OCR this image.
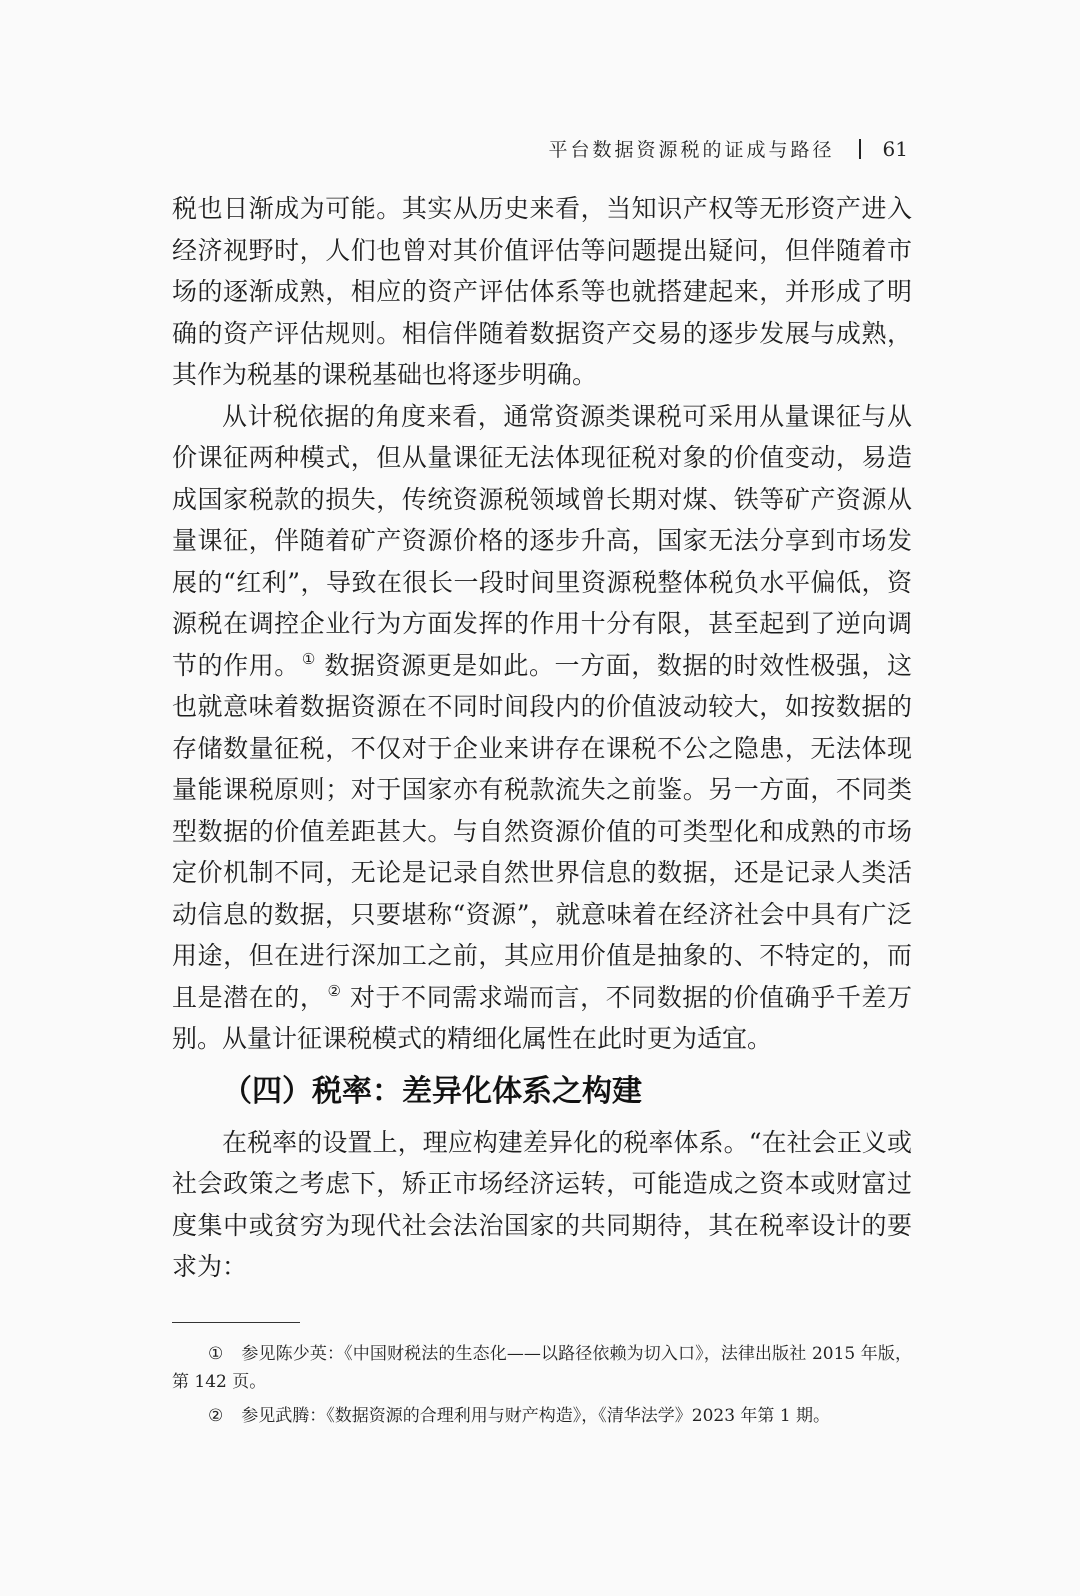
平台数据资源税的证成与路径 61

税也日渐成为可能。其实从历史来看，当知识产权等无形资产进入经济视野时，人们也曾对其价值评估等问题提出疑问，但伴随着市场的逐渐成熟，相应的资产评估体系等也就搭建起来，并形成了明确的资产评估规则。相信伴随着数据资产交易的逐步发展与成熟，其作为税基的课税基础也将逐步明确。

从计税依据的角度来看，通常资源类课税可采用从量课征与从价课征两种模式，但从量课征无法体现征税对象的价值变动，易造成国家税款的损失，传统资源税领域曾长期对煤、铁等矿产资源从量课征，伴随着矿产资源价格的逐步升高，国家无法分享到市场发展的“红利”，导致在很长一段时间里资源税整体税负水平偏低，资源税在调控企业行为方面发挥的作用十分有限，甚至起到了逆向调节的作用。 ① 数据资源更是如此。一方面，数据的时效性极强，这也就意味着数据资源在不同时间段内的价值波动较大，如按数据的存储数量征税，不仅对于企业来讲存在课税不公之隐患，无法体现量能课税原则；对于国家亦有税款流失之前鉴。另一方面，不同类型数据的价值差距甚大。与自然资源价值的可类型化和成熟的市场定价机制不同，无论是记录自然世界信息的数据，还是记录人类活动信息的数据，只要堪称“资源”，就意味着在经济社会中具有广泛用途，但在进行深加工之前，其应用价值是抽象的、不特定的，而且是潜在的， ② 对于不同需求端而言，不同数据的价值确乎千差万别。从量计征课税模式的精细化属性在此时更为适宜。

（四）税率：差异化体系之构建

在税率的设置上，理应构建差异化的税率体系。“在社会正义或社会政策之考虑下，矫正市场经济运转，可能造成之资本或财富过度集中或贫穷为现代社会法治国家的共同期待，其在税率设计的要求为：

① 参见陈少英：《中国财税法的生态化——以路径依赖为切入口》，法律出版社 2015 年版，第 142 页。

② 参见武腾：《数据资源的合理利用与财产构造》，《清华法学》2023 年第 1 期。
